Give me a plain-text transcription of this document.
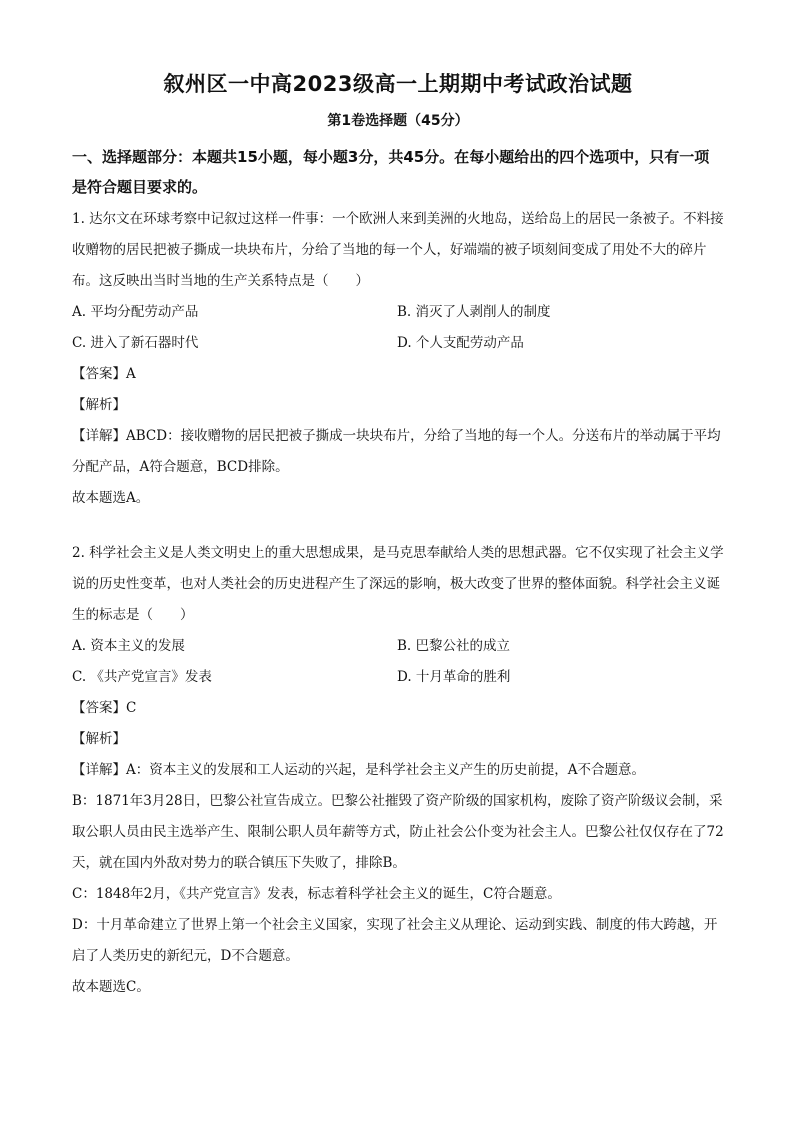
叙州区一中高2023级高一上期期中考试政治试题
第1卷选择题（45分）
一、选择题部分：本题共15小题，每小题3分，共45分。在每小题给出的四个选项中，只有一项是符合题目要求的。

1. 达尔文在环球考察中记叙过这样一件事：一个欧洲人来到美洲的火地岛，送给岛上的居民一条被子。不料接收赠物的居民把被子撕成一块块布片，分给了当地的每一个人，好端端的被子顷刻间变成了用处不大的碎片布。这反映出当时当地的生产关系特点是（　　）

A. 平均分配劳动产品	B. 消灭了人剥削人的制度
C. 进入了新石器时代	D. 个人支配劳动产品

【答案】A

【解析】

【详解】ABCD：接收赠物的居民把被子撕成一块块布片，分给了当地的每一个人。分送布片的举动属于平均分配产品，A符合题意，BCD排除。

故本题选A。

2. 科学社会主义是人类文明史上的重大思想成果，是马克思奉献给人类的思想武器。它不仅实现了社会主义学说的历史性变革，也对人类社会的历史进程产生了深远的影响，极大改变了世界的整体面貌。科学社会主义诞生的标志是（　　）

A. 资本主义的发展	B. 巴黎公社的成立
C. 《共产党宣言》发表	D. 十月革命的胜利

【答案】C

【解析】

【详解】A：资本主义的发展和工人运动的兴起，是科学社会主义产生的历史前提，A不合题意。

B：1871年3月28日，巴黎公社宣告成立。巴黎公社摧毁了资产阶级的国家机构，废除了资产阶级议会制，采取公职人员由民主选举产生、限制公职人员年薪等方式，防止社会公仆变为社会主人。巴黎公社仅仅存在了72天，就在国内外敌对势力的联合镇压下失败了，排除B。

C：1848年2月，《共产党宣言》发表，标志着科学社会主义的诞生，C符合题意。

D：十月革命建立了世界上第一个社会主义国家，实现了社会主义从理论、运动到实践、制度的伟大跨越，开启了人类历史的新纪元，D不合题意。

故本题选C。
